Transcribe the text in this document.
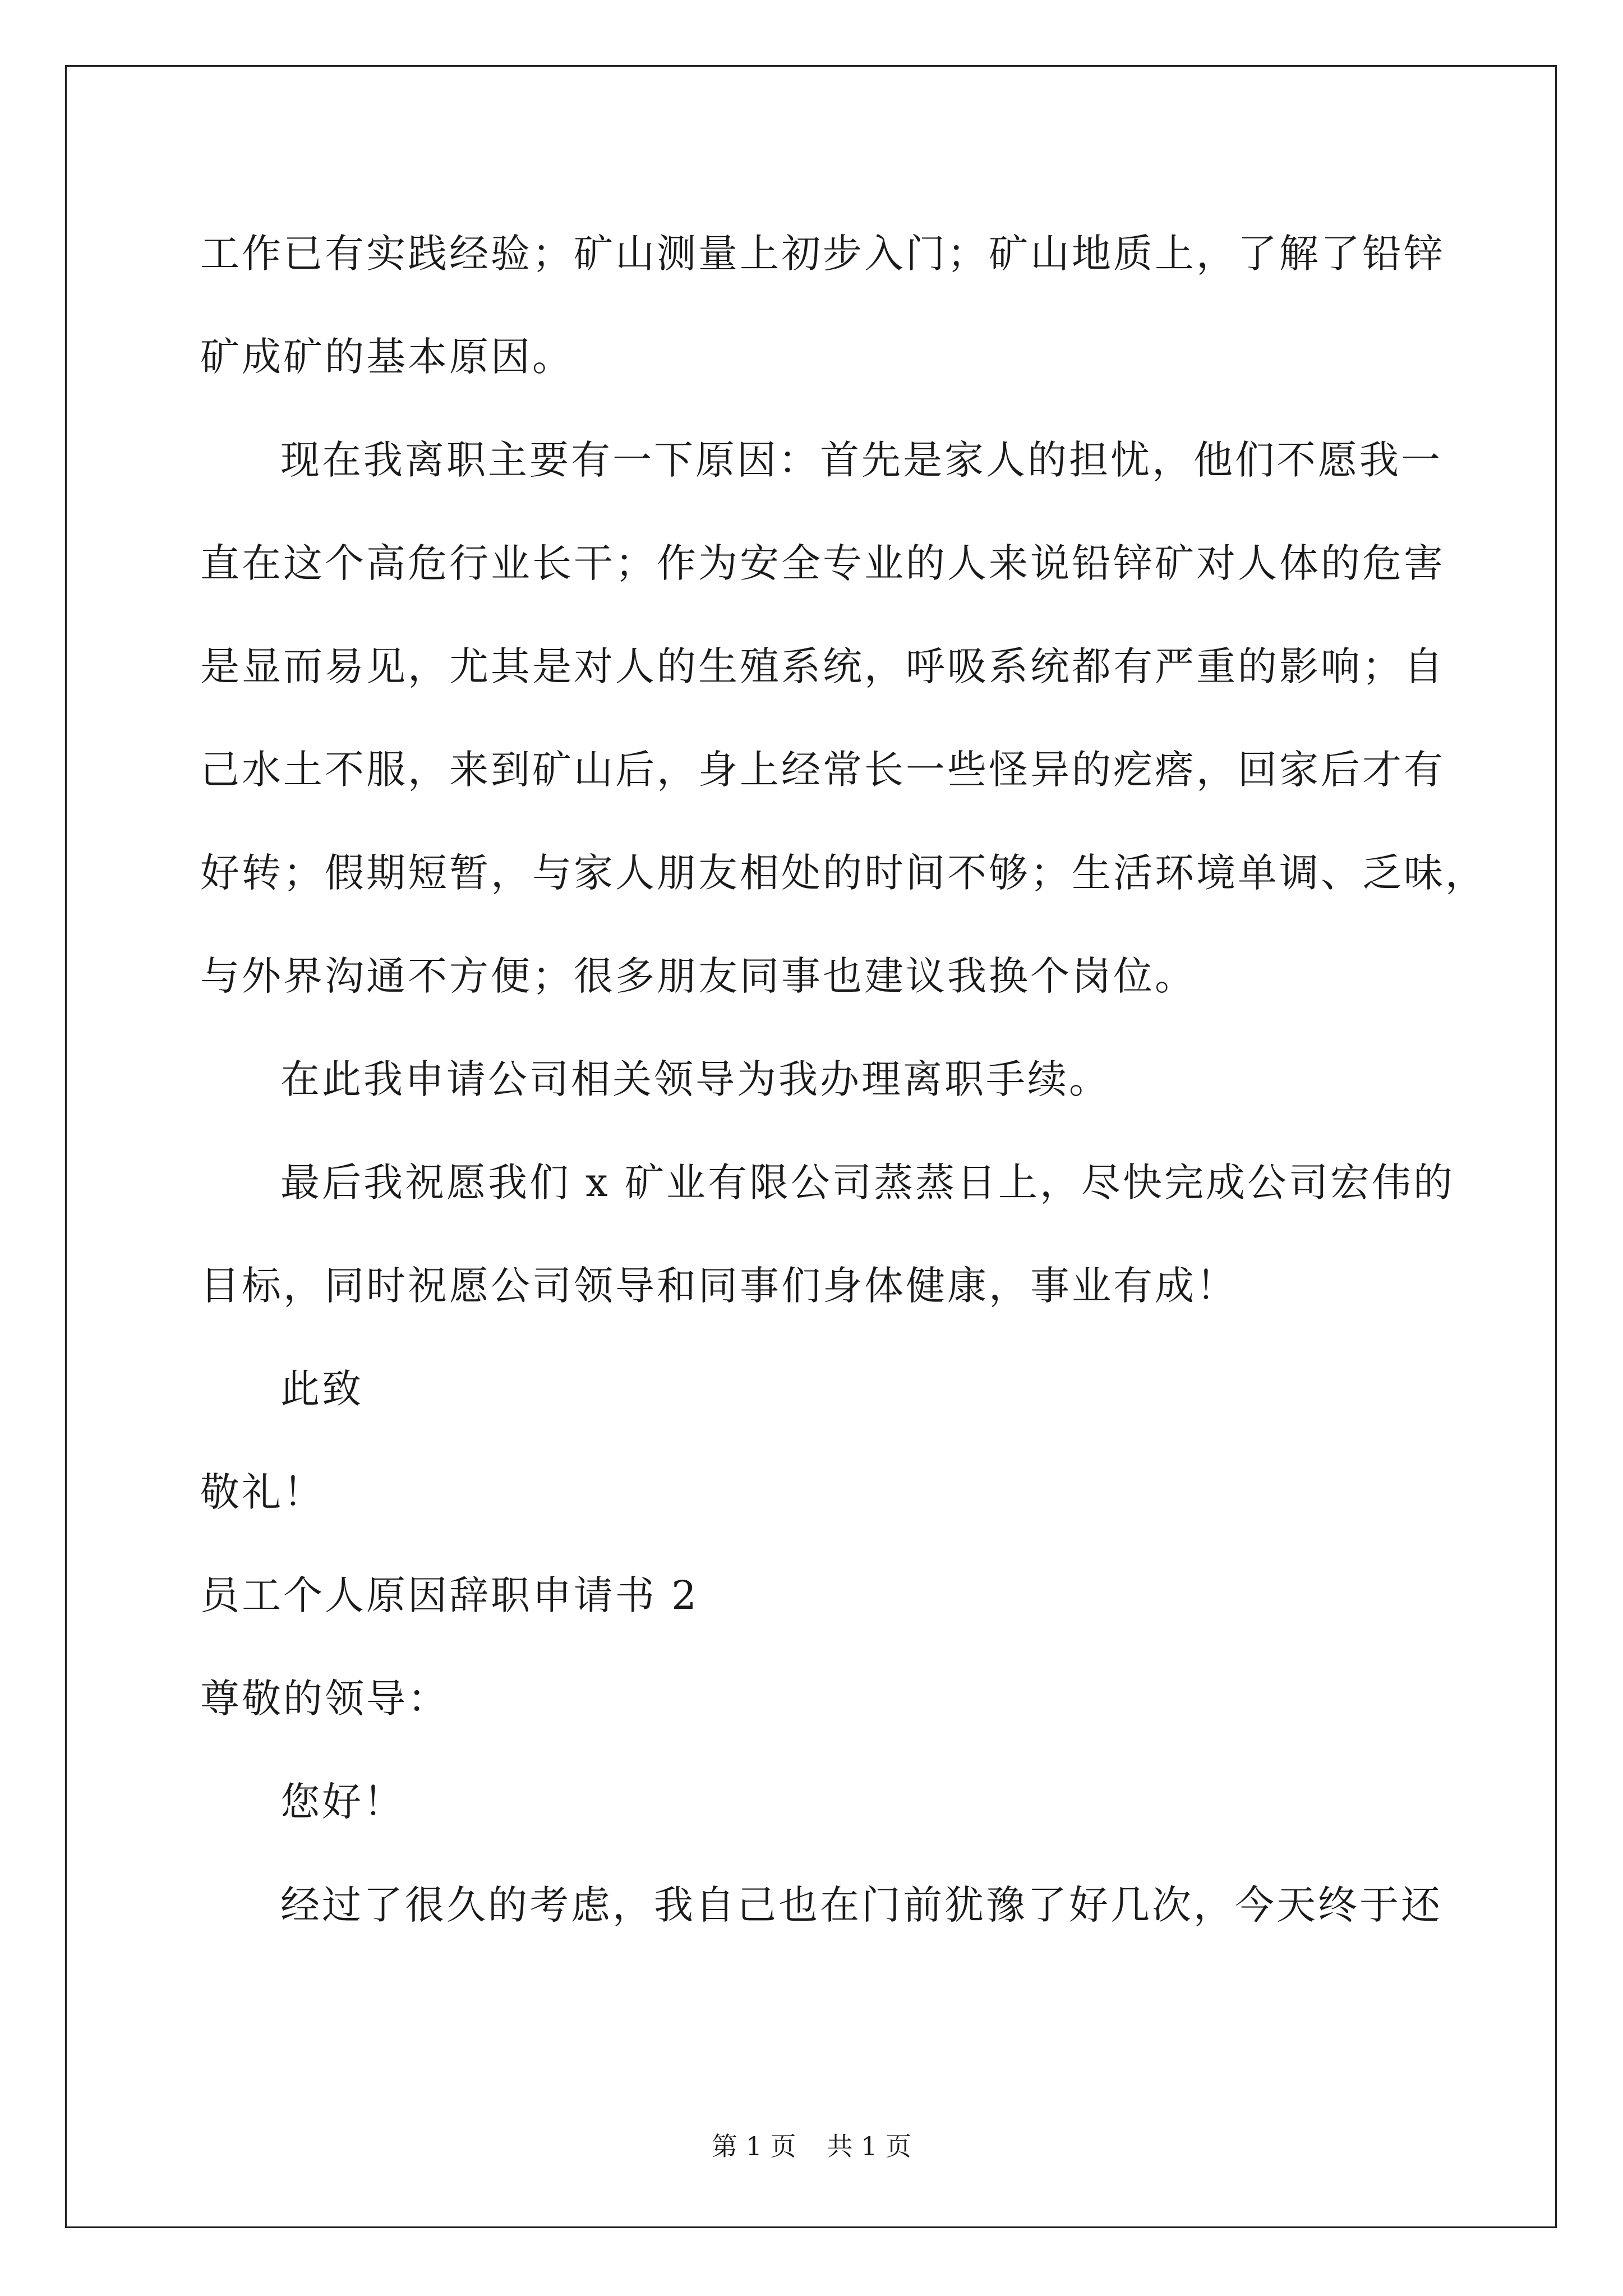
工作已有实践经验；矿山测量上初步入门；矿山地质上，了解了铅锌
矿成矿的基本原因。
现在我离职主要有一下原因：首先是家人的担忧，他们不愿我一
直在这个高危行业长干；作为安全专业的人来说铅锌矿对人体的危害
是显而易见，尤其是对人的生殖系统，呼吸系统都有严重的影响；自
己水土不服，来到矿山后，身上经常长一些怪异的疙瘩，回家后才有
好转；假期短暂，与家人朋友相处的时间不够；生活环境单调、乏味，
与外界沟通不方便；很多朋友同事也建议我换个岗位。
在此我申请公司相关领导为我办理离职手续。
最后我祝愿我们 x 矿业有限公司蒸蒸日上，尽快完成公司宏伟的
目标，同时祝愿公司领导和同事们身体健康，事业有成！
此致
敬礼！
员工个人原因辞职申请书 2
尊敬的领导：
您好！
经过了很久的考虑，我自己也在门前犹豫了好几次，今天终于还
第 1 页 共 1 页
